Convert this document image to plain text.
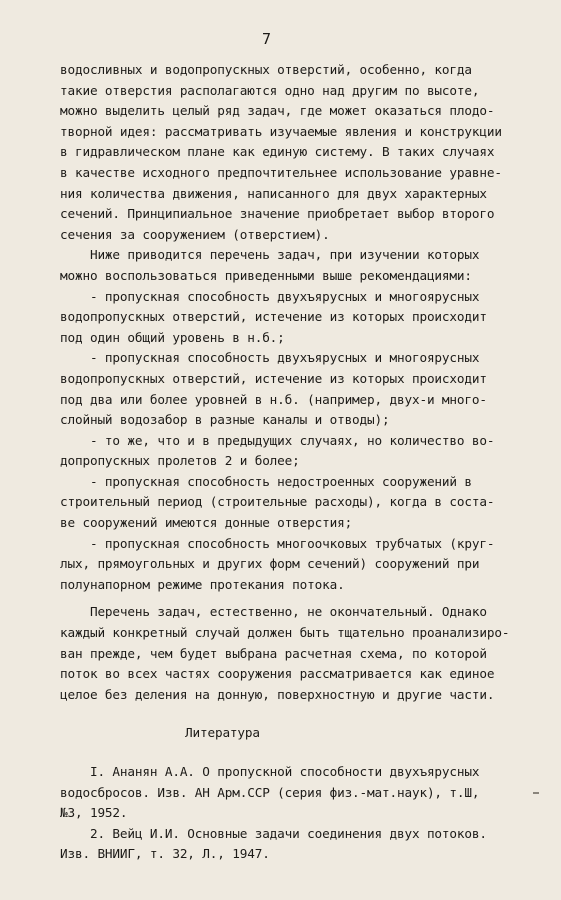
7
водосливных и водопропускных отверстий, особенно, когда
такие отверстия располагаются одно над другим по высоте,
можно выделить целый ряд задач, где может оказаться плодо-
творной идея: рассматривать изучаемые явления и конструкции
в гидравлическом плане как единую систему. В таких случаях
в качестве исходного предпочтительнее использование уравне-
ния количества движения, написанного для двух характерных
сечений. Принципиальное значение приобретает выбор второго
сечения за сооружением (отверстием).
Ниже приводится перечень задач, при изучении которых
можно воспользоваться приведенными выше рекомендациями:
- пропускная способность двухъярусных и многоярусных
водопропускных отверстий, истечение из которых происходит
под один общий уровень в н.б.;
- пропускная способность двухъярусных и многоярусных
водопропускных отверстий, истечение из которых происходит
под два или более уровней в н.б. (например, двух-и много-
слойный водозабор в разные каналы и отводы);
- то же, что и в предыдущих случаях, но количество во-
допропускных пролетов 2 и более;
- пропускная способность недостроенных сооружений в
строительный период (строительные расходы), когда в соста-
ве сооружений имеются донные отверстия;
- пропускная способность многоочковых трубчатых (круг-
лых, прямоугольных и других форм сечений) сооружений при
полунапорном режиме протекания потока.
Перечень задач, естественно, не окончательный. Однако
каждый конкретный случай должен быть тщательно проанализиро-
ван прежде, чем будет выбрана расчетная схема, по которой
поток во всех частях сооружения рассматривается как единое
целое без деления на донную, поверхностную и другие части.
Литература
I. Ананян А.А. О пропускной способности двухъярусных
водосбросов. Изв. АН Арм.ССР (серия физ.-мат.наук), т.Ш,
№3, 1952.
2. Вейц И.И. Основные задачи соединения двух потоков.
Изв. ВНИИГ, т. 32, Л., 1947.
